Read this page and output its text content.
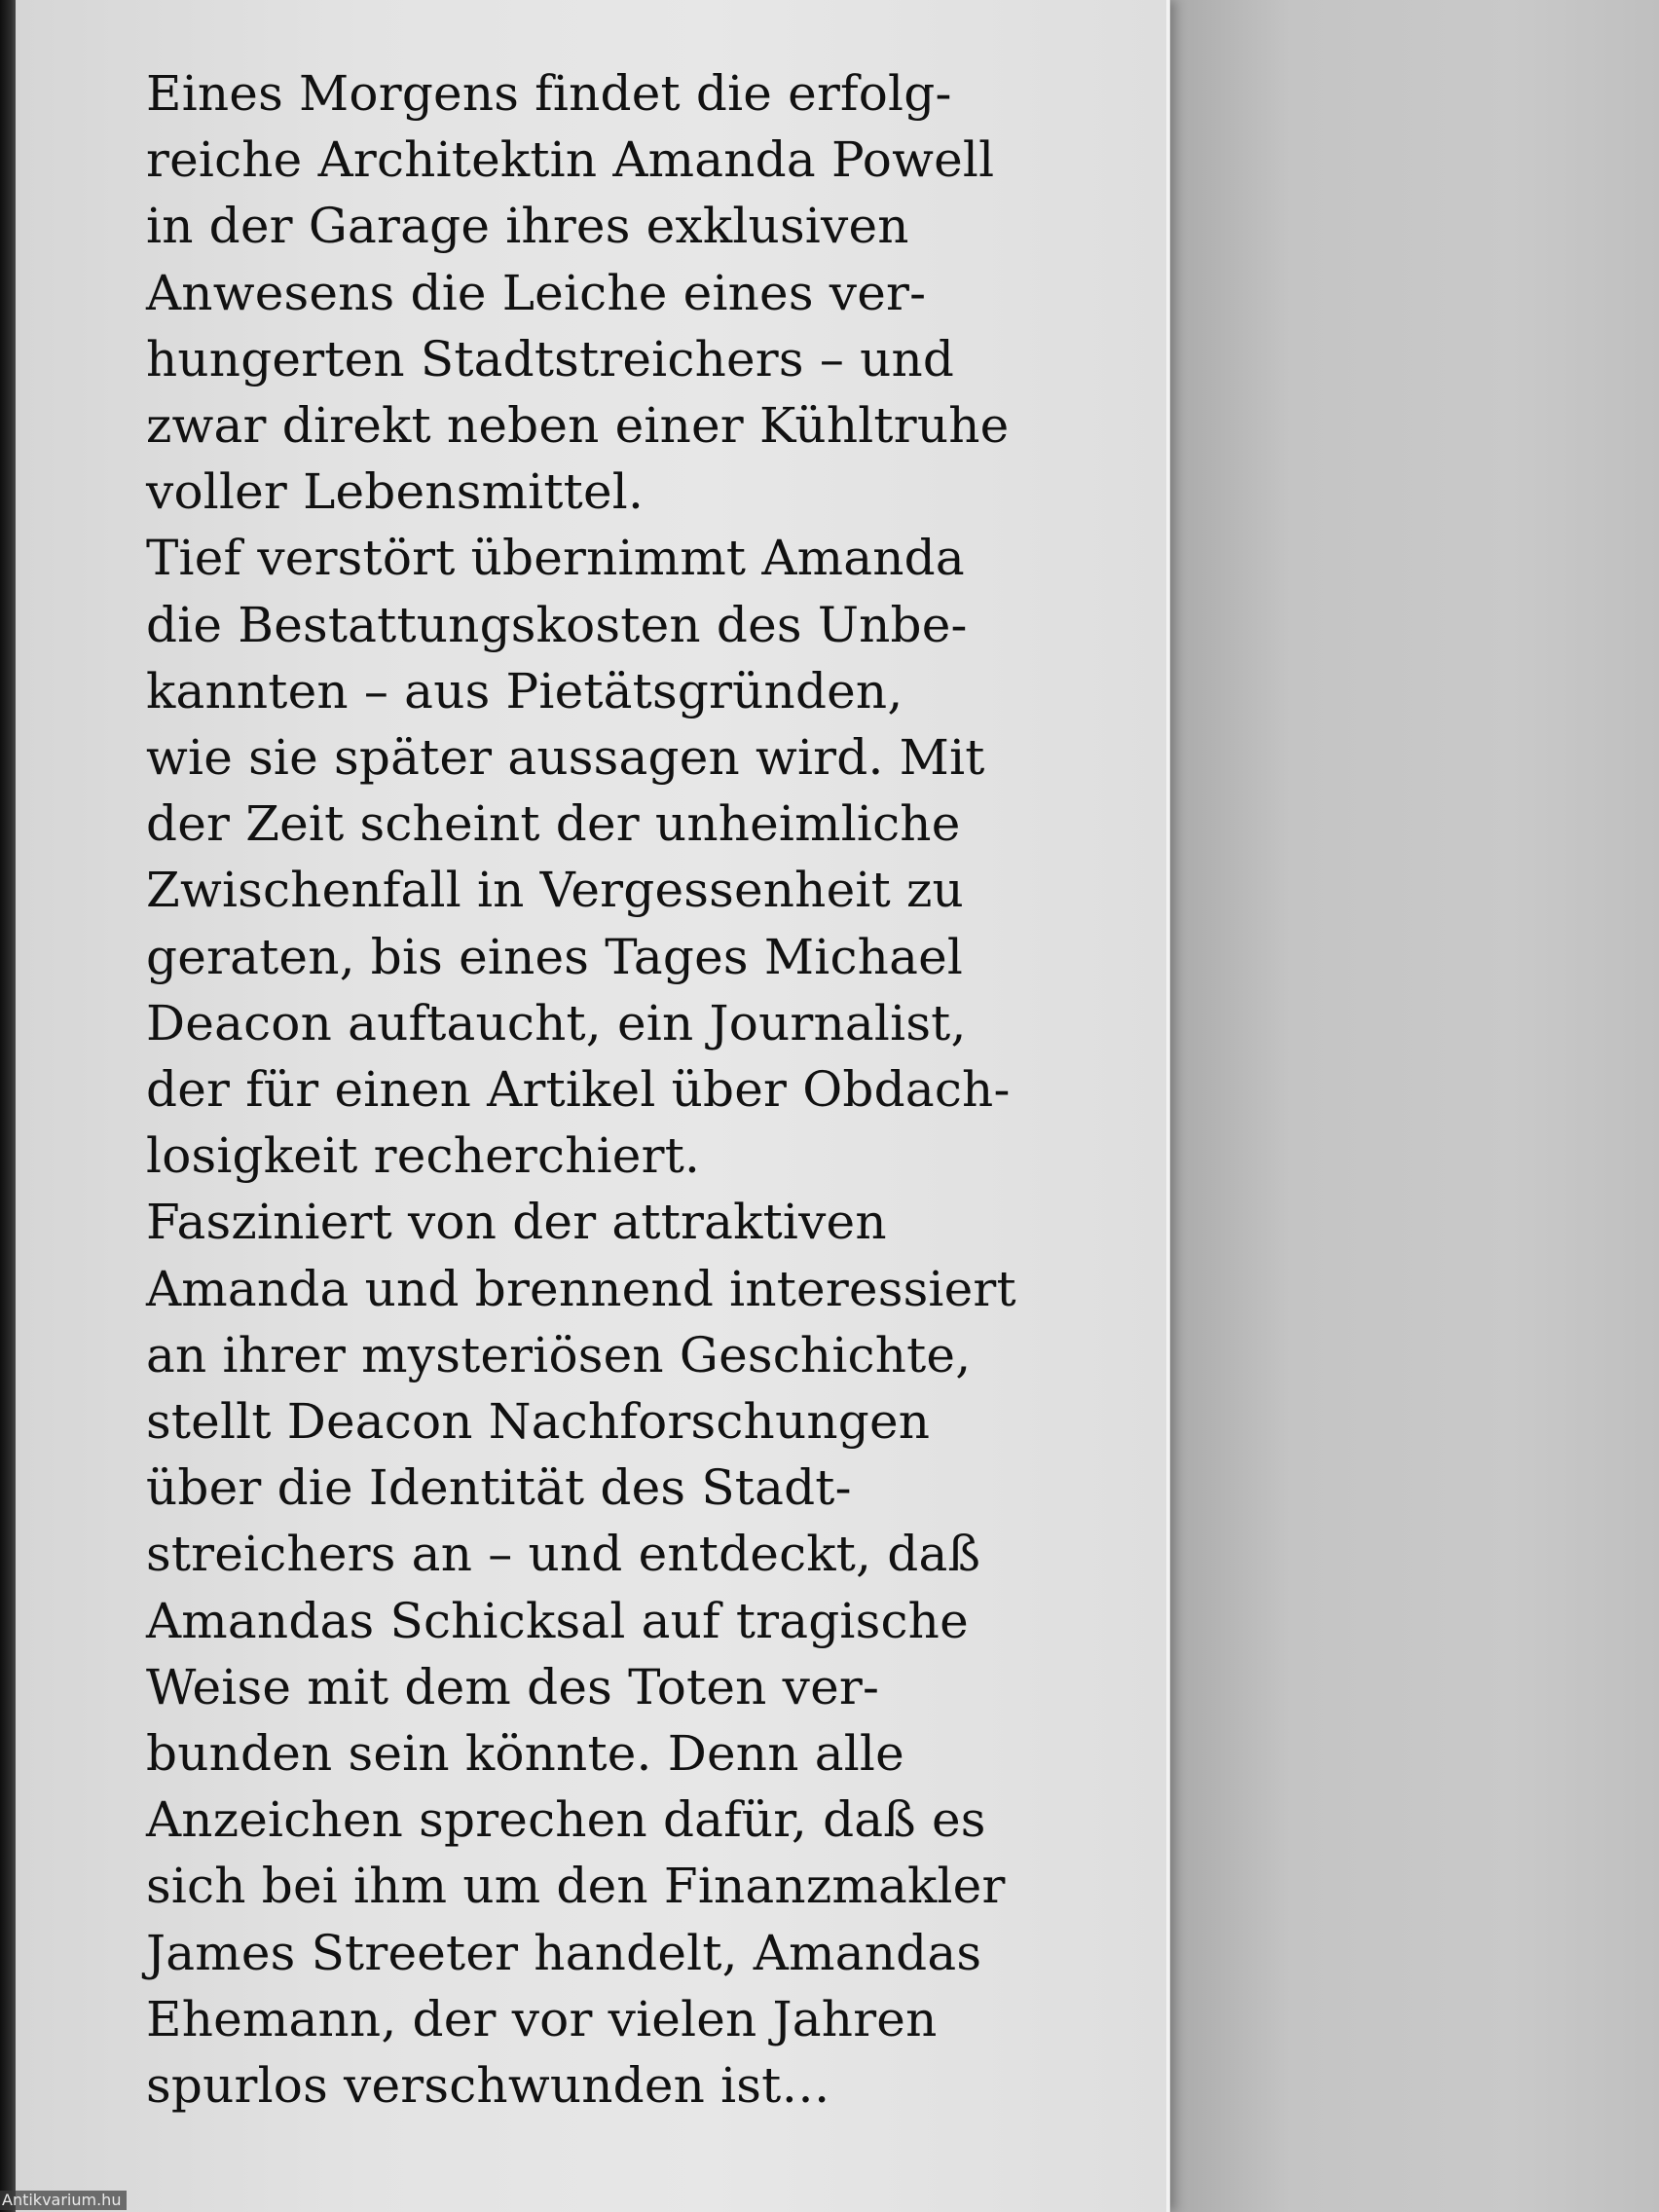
Eines Morgens findet die erfolg-
reiche Architektin Amanda Powell
in der Garage ihres exklusiven
Anwesens die Leiche eines ver-
hungerten Stadtstreichers – und
zwar direkt neben einer Kühltruhe
voller Lebensmittel.
Tief verstört übernimmt Amanda
die Bestattungskosten des Unbe-
kannten – aus Pietätsgründen,
wie sie später aussagen wird. Mit
der Zeit scheint der unheimliche
Zwischenfall in Vergessenheit zu
geraten, bis eines Tages Michael
Deacon auftaucht, ein Journalist,
der für einen Artikel über Obdach-
losigkeit recherchiert.
Fasziniert von der attraktiven
Amanda und brennend interessiert
an ihrer mysteriösen Geschichte,
stellt Deacon Nachforschungen
über die Identität des Stadt-
streichers an – und entdeckt, daß
Amandas Schicksal auf tragische
Weise mit dem des Toten ver-
bunden sein könnte. Denn alle
Anzeichen sprechen dafür, daß es
sich bei ihm um den Finanzmakler
James Streeter handelt, Amandas
Ehemann, der vor vielen Jahren
spurlos verschwunden ist…

Antikvarium.hu
